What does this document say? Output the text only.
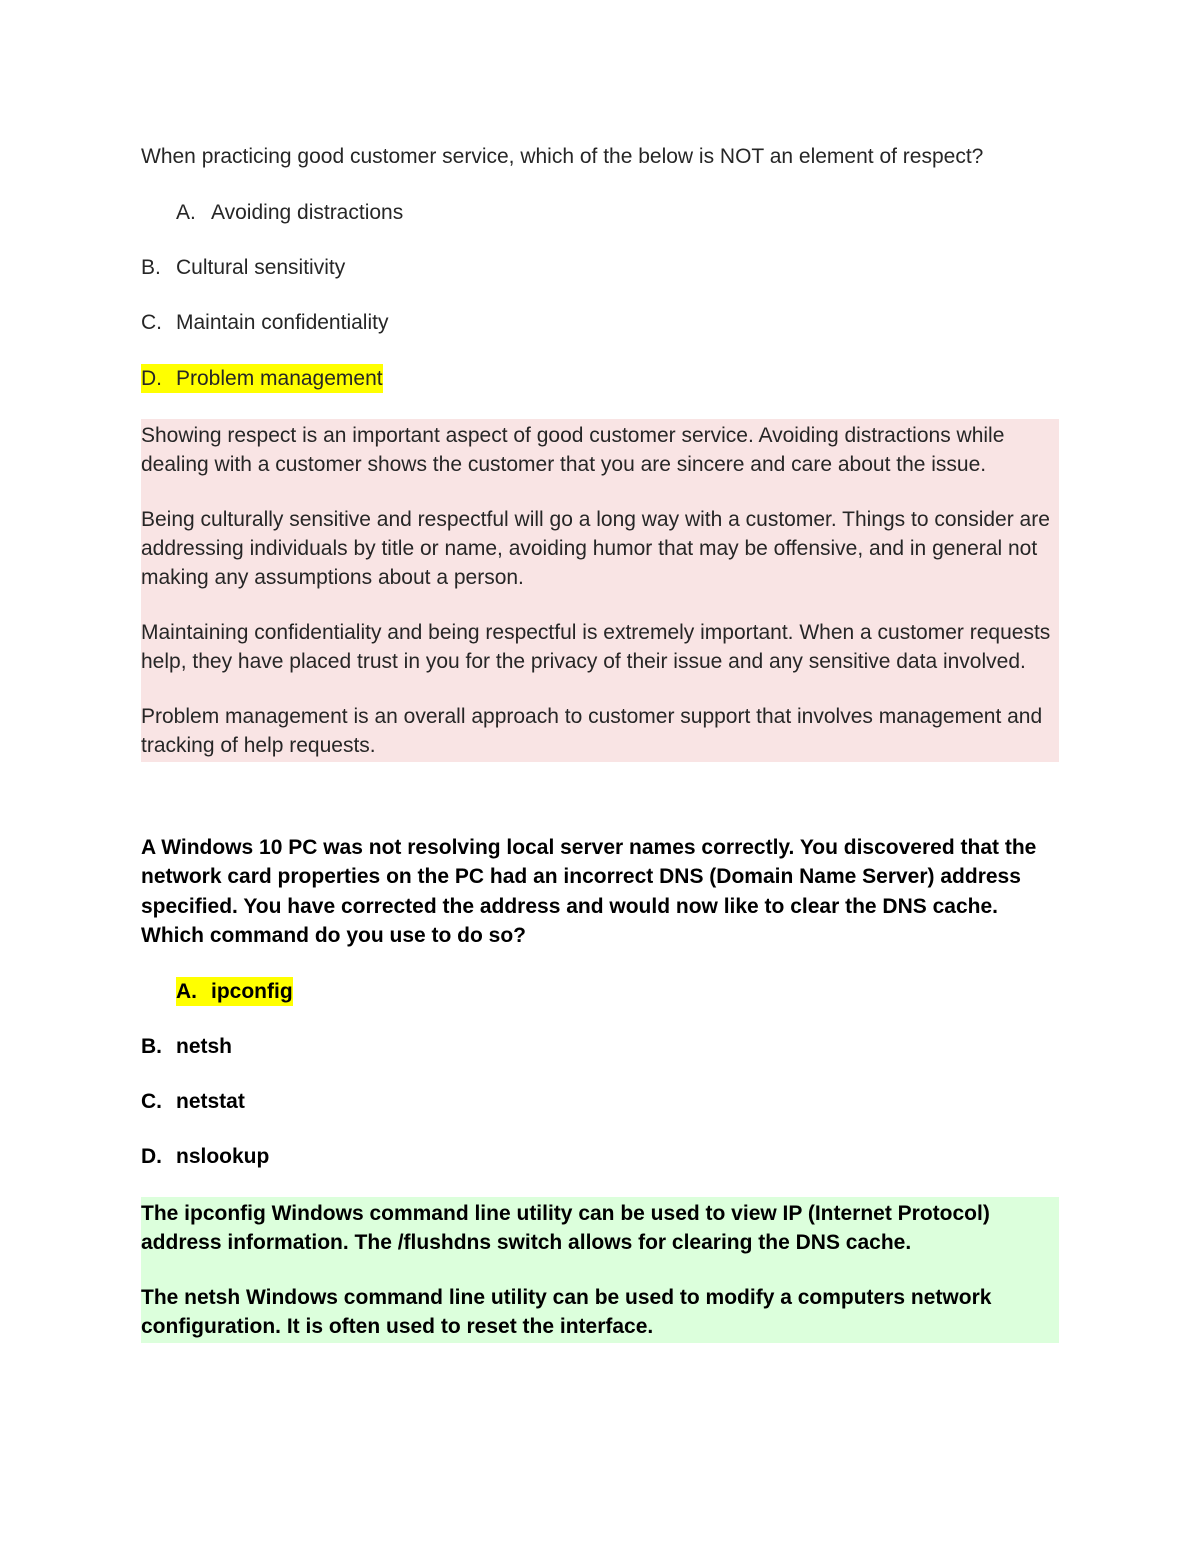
When practicing good customer service, which of the below is NOT an element of respect?

A. Avoiding distractions

B. Cultural sensitivity

C. Maintain confidentiality

D. Problem management

Showing respect is an important aspect of good customer service. Avoiding distractions while dealing with a customer shows the customer that you are sincere and care about the issue.

Being culturally sensitive and respectful will go a long way with a customer. Things to consider are addressing individuals by title or name, avoiding humor that may be offensive, and in general not making any assumptions about a person.

Maintaining confidentiality and being respectful is extremely important. When a customer requests help, they have placed trust in you for the privacy of their issue and any sensitive data involved.

Problem management is an overall approach to customer support that involves management and tracking of help requests.

A Windows 10 PC was not resolving local server names correctly. You discovered that the network card properties on the PC had an incorrect DNS (Domain Name Server) address specified. You have corrected the address and would now like to clear the DNS cache. Which command do you use to do so?

A. ipconfig

B. netsh

C. netstat

D. nslookup

The ipconfig Windows command line utility can be used to view IP (Internet Protocol) address information. The /flushdns switch allows for clearing the DNS cache.

The netsh Windows command line utility can be used to modify a computers network configuration. It is often used to reset the interface.
